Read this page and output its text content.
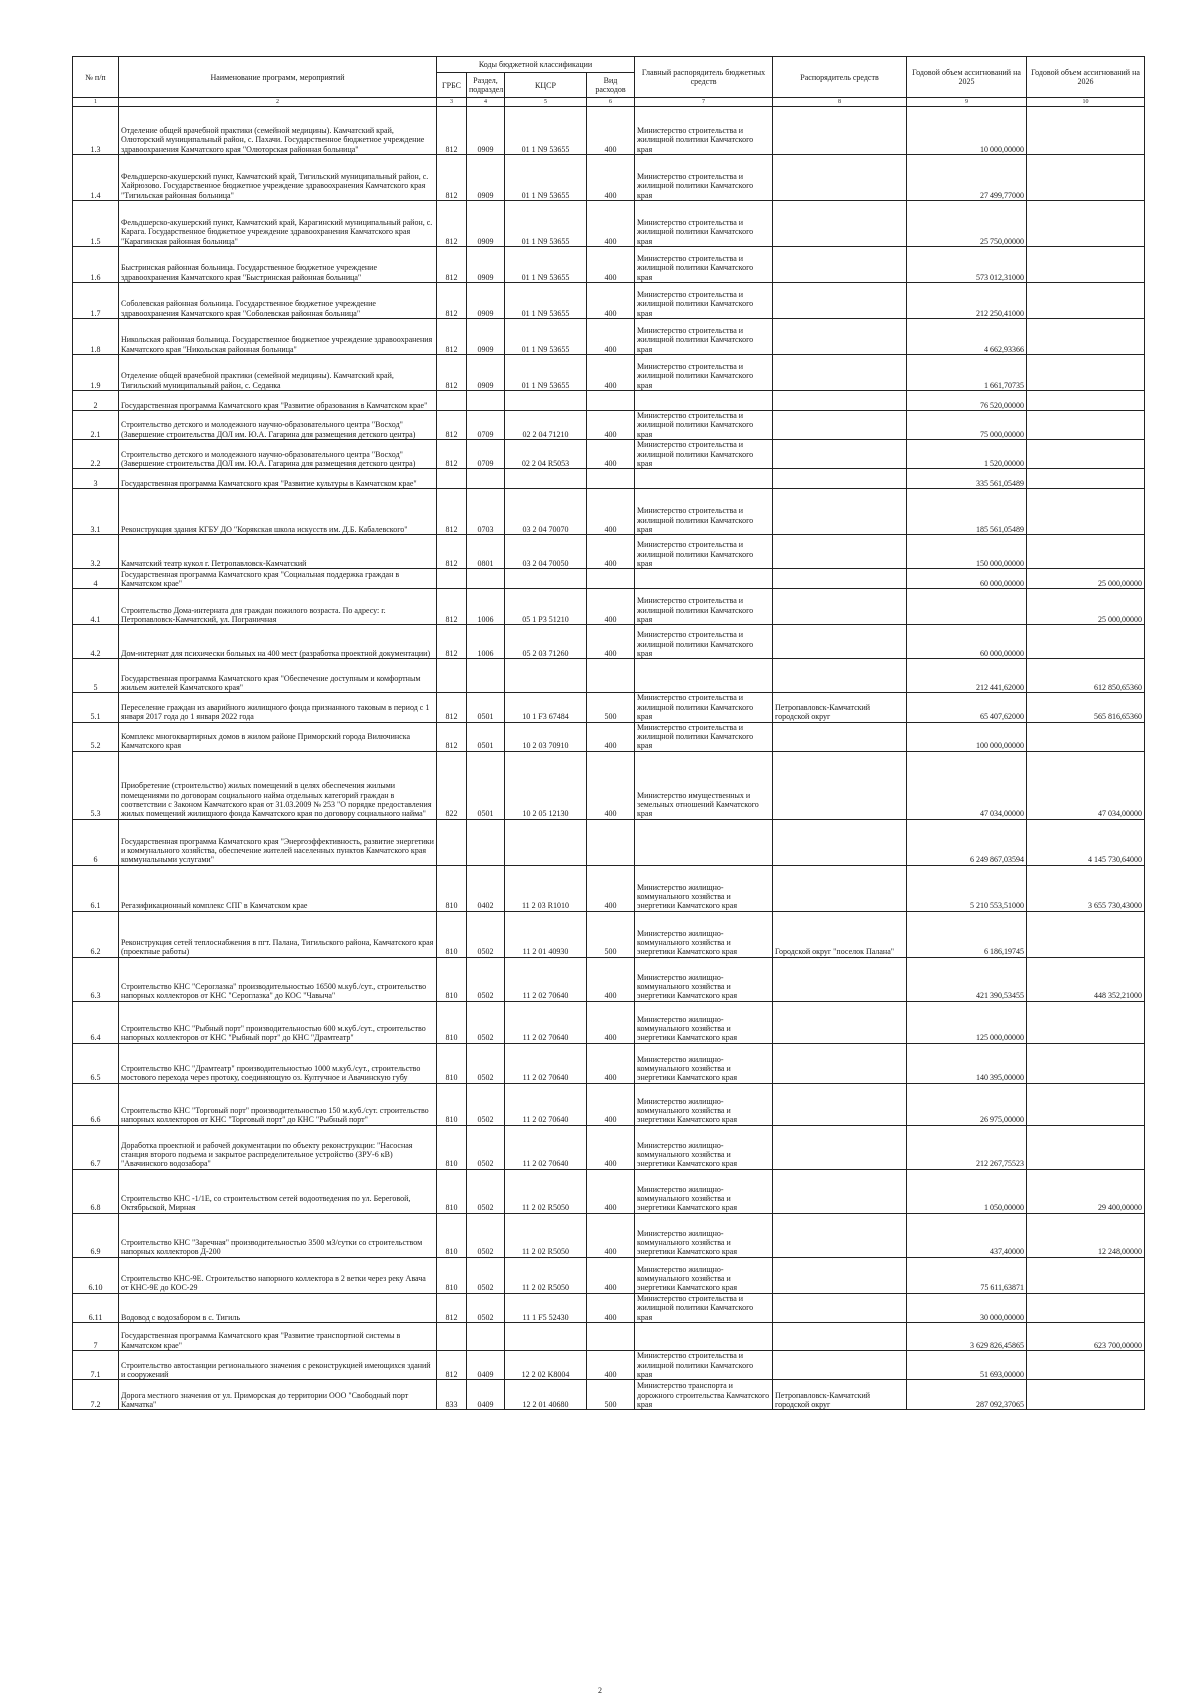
№ п/п	Наименование программ, мероприятий	Коды бюджетной классификации				Главный распорядитель бюджетных средств	Распорядитель средств	Годовой объем ассигнований на 2025	Годовой объем ассигнований на 2026
		ГРБС	Раздел, подраздел	КЦСР	Вид расходов				
1	2	3	4	5	6	7	8	9	10
1.3	Отделение общей врачебной практики (семейной медицины). Камчатский край, Олюторский муниципальный район, с. Пахачи. Государственное бюджетное учреждение здравоохранения Камчатского края "Олюторская районная больница"	812	0909	01 1 N9 53655	400	Министерство строительства и жилищной политики Камчатского края		10 000,00000	
1.4	Фельдшерско-акушерский пункт, Камчатский край, Тигильский муниципальный район, с. Хайрюзово. Государственное бюджетное учреждение здравоохранения Камчатского края "Тигильская районная больница"	812	0909	01 1 N9 53655	400	Министерство строительства и жилищной политики Камчатского края		27 499,77000	
1.5	Фельдшерско-акушерский пункт, Камчатский край, Карагинский муниципальный район, с. Карага. Государственное бюджетное учреждение здравоохранения Камчатского края "Карагинская районная больница"	812	0909	01 1 N9 53655	400	Министерство строительства и жилищной политики Камчатского края		25 750,00000	
1.6	Быстринская районная больница. Государственное бюджетное учреждение здравоохранения Камчатского края "Быстринская районная больница"	812	0909	01 1 N9 53655	400	Министерство строительства и жилищной политики Камчатского края		573 012,31000	
1.7	Соболевская районная больница. Государственное бюджетное учреждение здравоохранения Камчатского края "Соболевская районная больница"	812	0909	01 1 N9 53655	400	Министерство строительства и жилищной политики Камчатского края		212 250,41000	
1.8	Никольская районная больница. Государственное бюджетное учреждение здравоохранения Камчатского края "Никольская районная больница"	812	0909	01 1 N9 53655	400	Министерство строительства и жилищной политики Камчатского края		4 662,93366	
1.9	Отделение общей врачебной практики (семейной медицины). Камчатский край, Тигильский муниципальный район, с. Седанка	812	0909	01 1 N9 53655	400	Министерство строительства и жилищной политики Камчатского края		1 661,70735	
2	Государственная программа Камчатского края "Развитие образования в Камчатском крае"							76 520,00000	
2.1	Строительство детского и молодежного научно-образовательного центра "Восход" (Завершение строительства ДОЛ им. Ю.А. Гагарина для размещения детского центра)	812	0709	02 2 04 71210	400	Министерство строительства и жилищной политики Камчатского края		75 000,00000	
2.2	Строительство детского и молодежного научно-образовательного центра "Восход" (Завершение строительства ДОЛ им. Ю.А. Гагарина для размещения детского центра)	812	0709	02 2 04 R5053	400	Министерство строительства и жилищной политики Камчатского края		1 520,00000	
3	Государственная программа Камчатского края "Развитие культуры в Камчатском крае"							335 561,05489	
3.1	Реконструкция здания КГБУ ДО "Корякская школа искусств им. Д.Б. Кабалевского"	812	0703	03 2 04 70070	400	Министерство строительства и жилищной политики Камчатского края		185 561,05489	
3.2	Камчатский театр кукол г. Петропавловск-Камчатский	812	0801	03 2 04 70050	400	Министерство строительства и жилищной политики Камчатского края		150 000,00000	
4	Государственная программа Камчатского края "Социальная поддержка граждан в Камчатском крае"							60 000,00000	25 000,00000
4.1	Строительство Дома-интерната для граждан пожилого возраста. По адресу: г. Петропавловск-Камчатский, ул. Пограничная	812	1006	05 1 P3 51210	400	Министерство строительства и жилищной политики Камчатского края			25 000,00000
4.2	Дом-интернат для психически больных на 400 мест (разработка проектной документации)	812	1006	05 2 03 71260	400	Министерство строительства и жилищной политики Камчатского края		60 000,00000	
5	Государственная программа Камчатского края "Обеспечение доступным и комфортным жильем жителей Камчатского края"							212 441,62000	612 850,65360
5.1	Переселение граждан из аварийного жилищного фонда признанного таковым в период с 1 января 2017 года до 1 января 2022 года	812	0501	10 1 F3 67484	500	Министерство строительства и жилищной политики Камчатского края	Петропавловск-Камчатский городской округ	65 407,62000	565 816,65360
5.2	Комплекс многоквартирных домов в жилом районе Приморский города Вилючинска Камчатского края	812	0501	10 2 03 70910	400	Министерство строительства и жилищной политики Камчатского края		100 000,00000	
5.3	Приобретение (строительство) жилых помещений в целях обеспечения жилыми помещениями по договорам социального найма отдельных категорий граждан в соответствии с Законом Камчатского края от 31.03.2009 № 253 "О порядке предоставления жилых помещений жилищного фонда Камчатского края по договору социального найма"	822	0501	10 2 05 12130	400	Министерство имущественных и земельных отношений Камчатского края		47 034,00000	47 034,00000
6	Государственная программа Камчатского края "Энергоэффективность, развитие энергетики и коммунального хозяйства, обеспечение жителей населенных пунктов Камчатского края коммунальными услугами"							6 249 867,03594	4 145 730,64000
6.1	Регазификационный комплекс СПГ в Камчатском крае	810	0402	11 2 03 R1010	400	Министерство жилищно-коммунального хозяйства и энергетики Камчатского края		5 210 553,51000	3 655 730,43000
6.2	Реконструкция сетей теплоснабжения в пгт. Палана, Тигильского района, Камчатского края (проектные работы)	810	0502	11 2 01 40930	500	Министерство жилищно-коммунального хозяйства и энергетики Камчатского края	Городской округ "поселок Палана"	6 186,19745	
6.3	Строительство КНС "Сероглазка" производительностью 16500 м.куб./сут., строительство напорных коллекторов от КНС "Сероглазка" до КОС "Чавыча"	810	0502	11 2 02 70640	400	Министерство жилищно-коммунального хозяйства и энергетики Камчатского края		421 390,53455	448 352,21000
6.4	Строительство КНС "Рыбный порт" производительностью 600 м.куб./сут., строительство напорных коллекторов от КНС "Рыбный порт" до КНС "Драмтеатр"	810	0502	11 2 02 70640	400	Министерство жилищно-коммунального хозяйства и энергетики Камчатского края		125 000,00000	
6.5	Строительство КНС "Драмтеатр" производительностью 1000 м.куб./сут., строительство мостового перехода через протоку, соединяющую оз. Култучное и Авачинскую губу	810	0502	11 2 02 70640	400	Министерство жилищно-коммунального хозяйства и энергетики Камчатского края		140 395,00000	
6.6	Строительство КНС "Торговый порт" производительностью 150 м.куб./сут. строительство напорных коллекторов от КНС "Торговый порт" до КНС "Рыбный порт"	810	0502	11 2 02 70640	400	Министерство жилищно-коммунального хозяйства и энергетики Камчатского края		26 975,00000	
6.7	Доработка проектной и рабочей документации по объекту реконструкции: "Насосная станция второго подъема и закрытое распределительное устройство (ЗРУ-6 кВ) "Авачинского водозабора"	810	0502	11 2 02 70640	400	Министерство жилищно-коммунального хозяйства и энергетики Камчатского края		212 267,75523	
6.8	Строительство КНС -1/1Е, со строительством сетей водоотведения по ул. Береговой, Октябрьской, Мирная	810	0502	11 2 02 R5050	400	Министерство жилищно-коммунального хозяйства и энергетики Камчатского края		1 050,00000	29 400,00000
6.9	Строительство КНС "Заречная" производительностью 3500 м3/сутки со строительством напорных коллекторов Д-200	810	0502	11 2 02 R5050	400	Министерство жилищно-коммунального хозяйства и энергетики Камчатского края		437,40000	12 248,00000
6.10	Строительство КНС-9Е. Строительство напорного коллектора в 2 ветки через реку Авача от КНС-9Е до КОС-29	810	0502	11 2 02 R5050	400	Министерство жилищно-коммунального хозяйства и энергетики Камчатского края		75 611,63871	
6.11	Водовод с водозабором в с. Тигиль	812	0502	11 1 F5 52430	400	Министерство строительства и жилищной политики Камчатского края		30 000,00000	
7	Государственная программа Камчатского края "Развитие транспортной системы в Камчатском крае"							3 629 826,45865	623 700,00000
7.1	Строительство автостанции регионального значения с реконструкцией имеющихся зданий и сооружений	812	0409	12 2 02 K8004	400	Министерство строительства и жилищной политики Камчатского края		51 693,00000	
7.2	Дорога местного значения от ул. Приморская до территории ООО "Свободный порт Камчатка"	833	0409	12 2 01 40680	500	Министерство транспорта и дорожного строительства Камчатского края	Петропавловск-Камчатский городской округ	287 092,37065	
2
